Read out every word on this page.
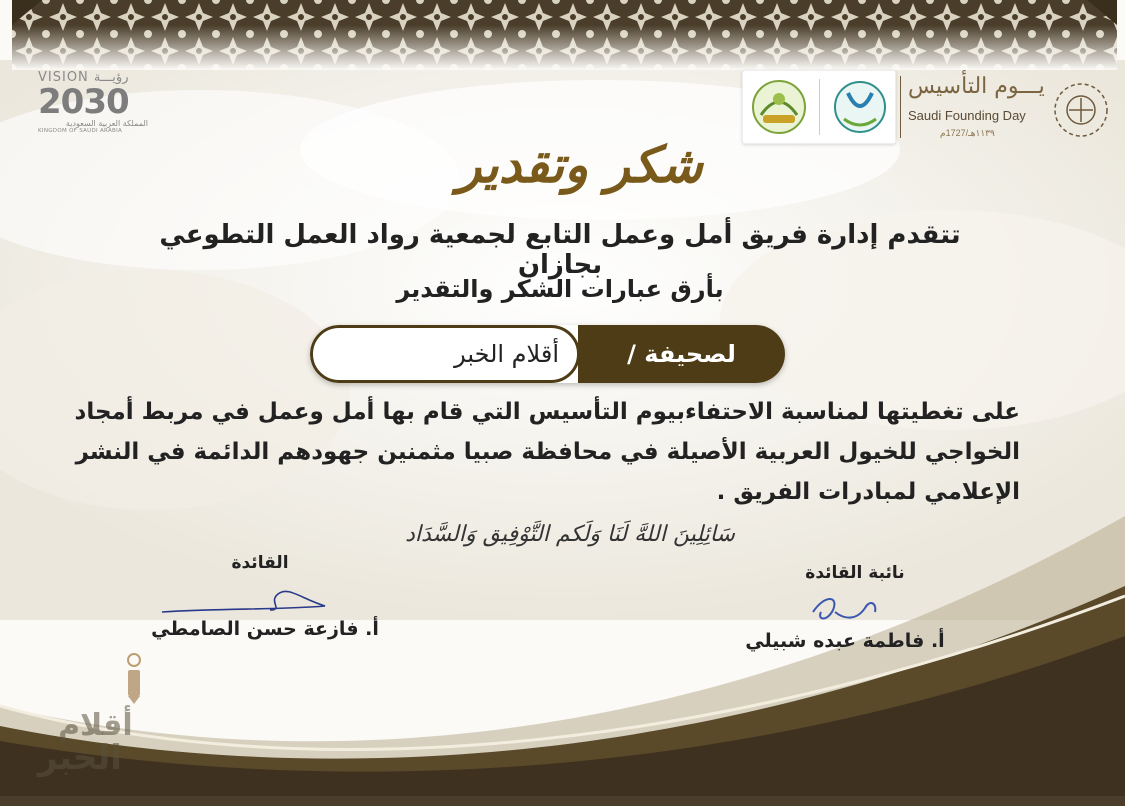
VISION رؤيـــة
2030
المملكة العربية السعودية
KINGDOM OF SAUDI ARABIA
يـــوم التأسيس
Saudi Founding Day
١١٣٩هـ/1727م
شكر وتقدير
تتقدم إدارة فريق أمل وعمل التابع لجمعية رواد العمل التطوعي بجازان
بأرق عبارات الشكر والتقدير
أقلام الخبر	لصحيفة /
على تغطيتها لمناسبة الاحتفاءبيوم التأسيس التي قام بها أمل وعمل في مربط أمجاد
الخواجي للخيول العربية الأصيلة في محافظة صبيا مثمنين جهودهم الدائمة في النشر
الإعلامي لمبادرات الفريق .
سَائِلِينَ اللهَّ لَنَا وَلَكم التَّوْفِيق وَالسَّدَاد
القائدة
أ. فازعة حسن الصامطي
نائبة القائدة
أ. فاطمة عبده شبيلي
أقلام
الخبر
